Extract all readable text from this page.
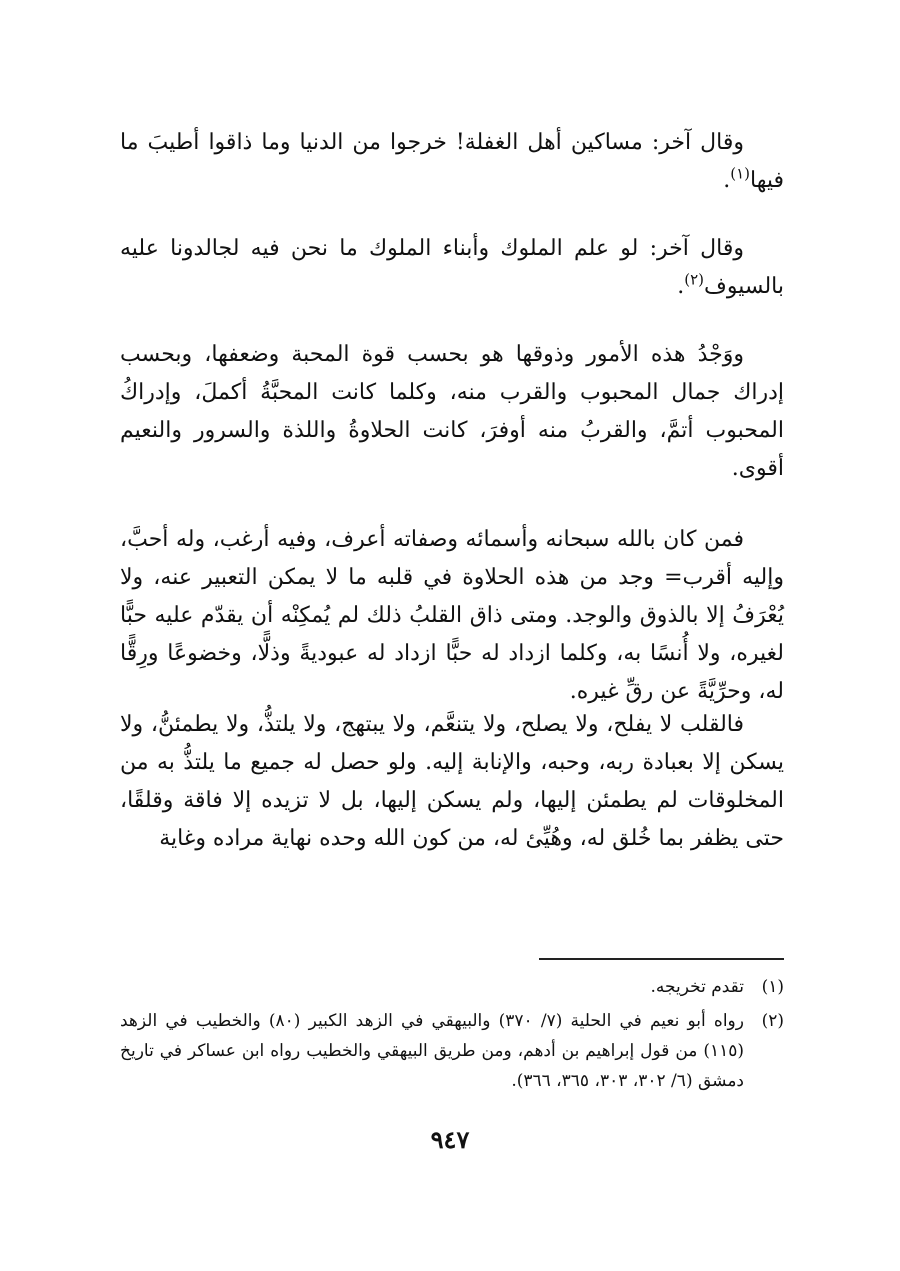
وقال آخر: مساكين أهل الغفلة! خرجوا من الدنيا وما ذاقوا أطيبَ ما فيها$^{(١)}$.

وقال آخر: لو علم الملوك وأبناء الملوك ما نحن فيه لجالدونا عليه بالسيوف$^{(٢)}$.

ووَجْدُ هذه الأمور وذوقها هو بحسب قوة المحبة وضعفها، وبحسب إدراك جمال المحبوب والقرب منه، وكلما كانت المحبَّةُ أكملَ، وإدراكُ المحبوب أتمَّ، والقربُ منه أوفرَ، كانت الحلاوةُ واللذة والسرور والنعيم أقوى.

فمن كان بالله سبحانه وأسمائه وصفاته أعرف، وفيه أرغب، وله أحبَّ، وإليه أقرب= وجد من هذه الحلاوة في قلبه ما لا يمكن التعبير عنه، ولا يُعْرَفُ إلا بالذوق والوجد. ومتى ذاق القلبُ ذلك لم يُمكِنْه أن يقدّم عليه حبًّا لغيره، ولا أُنسًا به، وكلما ازداد له حبًّا ازداد له عبوديةً وذلًّا، وخضوعًا ورِقًّا له، وحرِّيَّةً عن رقِّ غيره.

فالقلب لا يفلح، ولا يصلح، ولا يتنعَّم، ولا يبتهج، ولا يلتذُّ، ولا يطمئنُّ، ولا يسكن إلا بعبادة ربه، وحبه، والإنابة إليه. ولو حصل له جميع ما يلتذُّ به من المخلوقات لم يطمئن إليها، ولم يسكن إليها، بل لا تزيده إلا فاقة وقلقًا، حتى يظفر بما خُلق له، وهُيِّئ له، من كون الله وحده نهاية مراده وغاية

(١)
تقدم تخريجه.
(٢)
رواه أبو نعيم في الحلية (٧/ ٣٧٠) والبيهقي في الزهد الكبير (٨٠) والخطيب في الزهد (١١٥) من قول إبراهيم بن أدهم، ومن طريق البيهقي والخطيب رواه ابن عساكر في تاريخ دمشق (٦/ ٣٠٢، ٣٠٣، ٣٦٥، ٣٦٦).
٩٤٧
